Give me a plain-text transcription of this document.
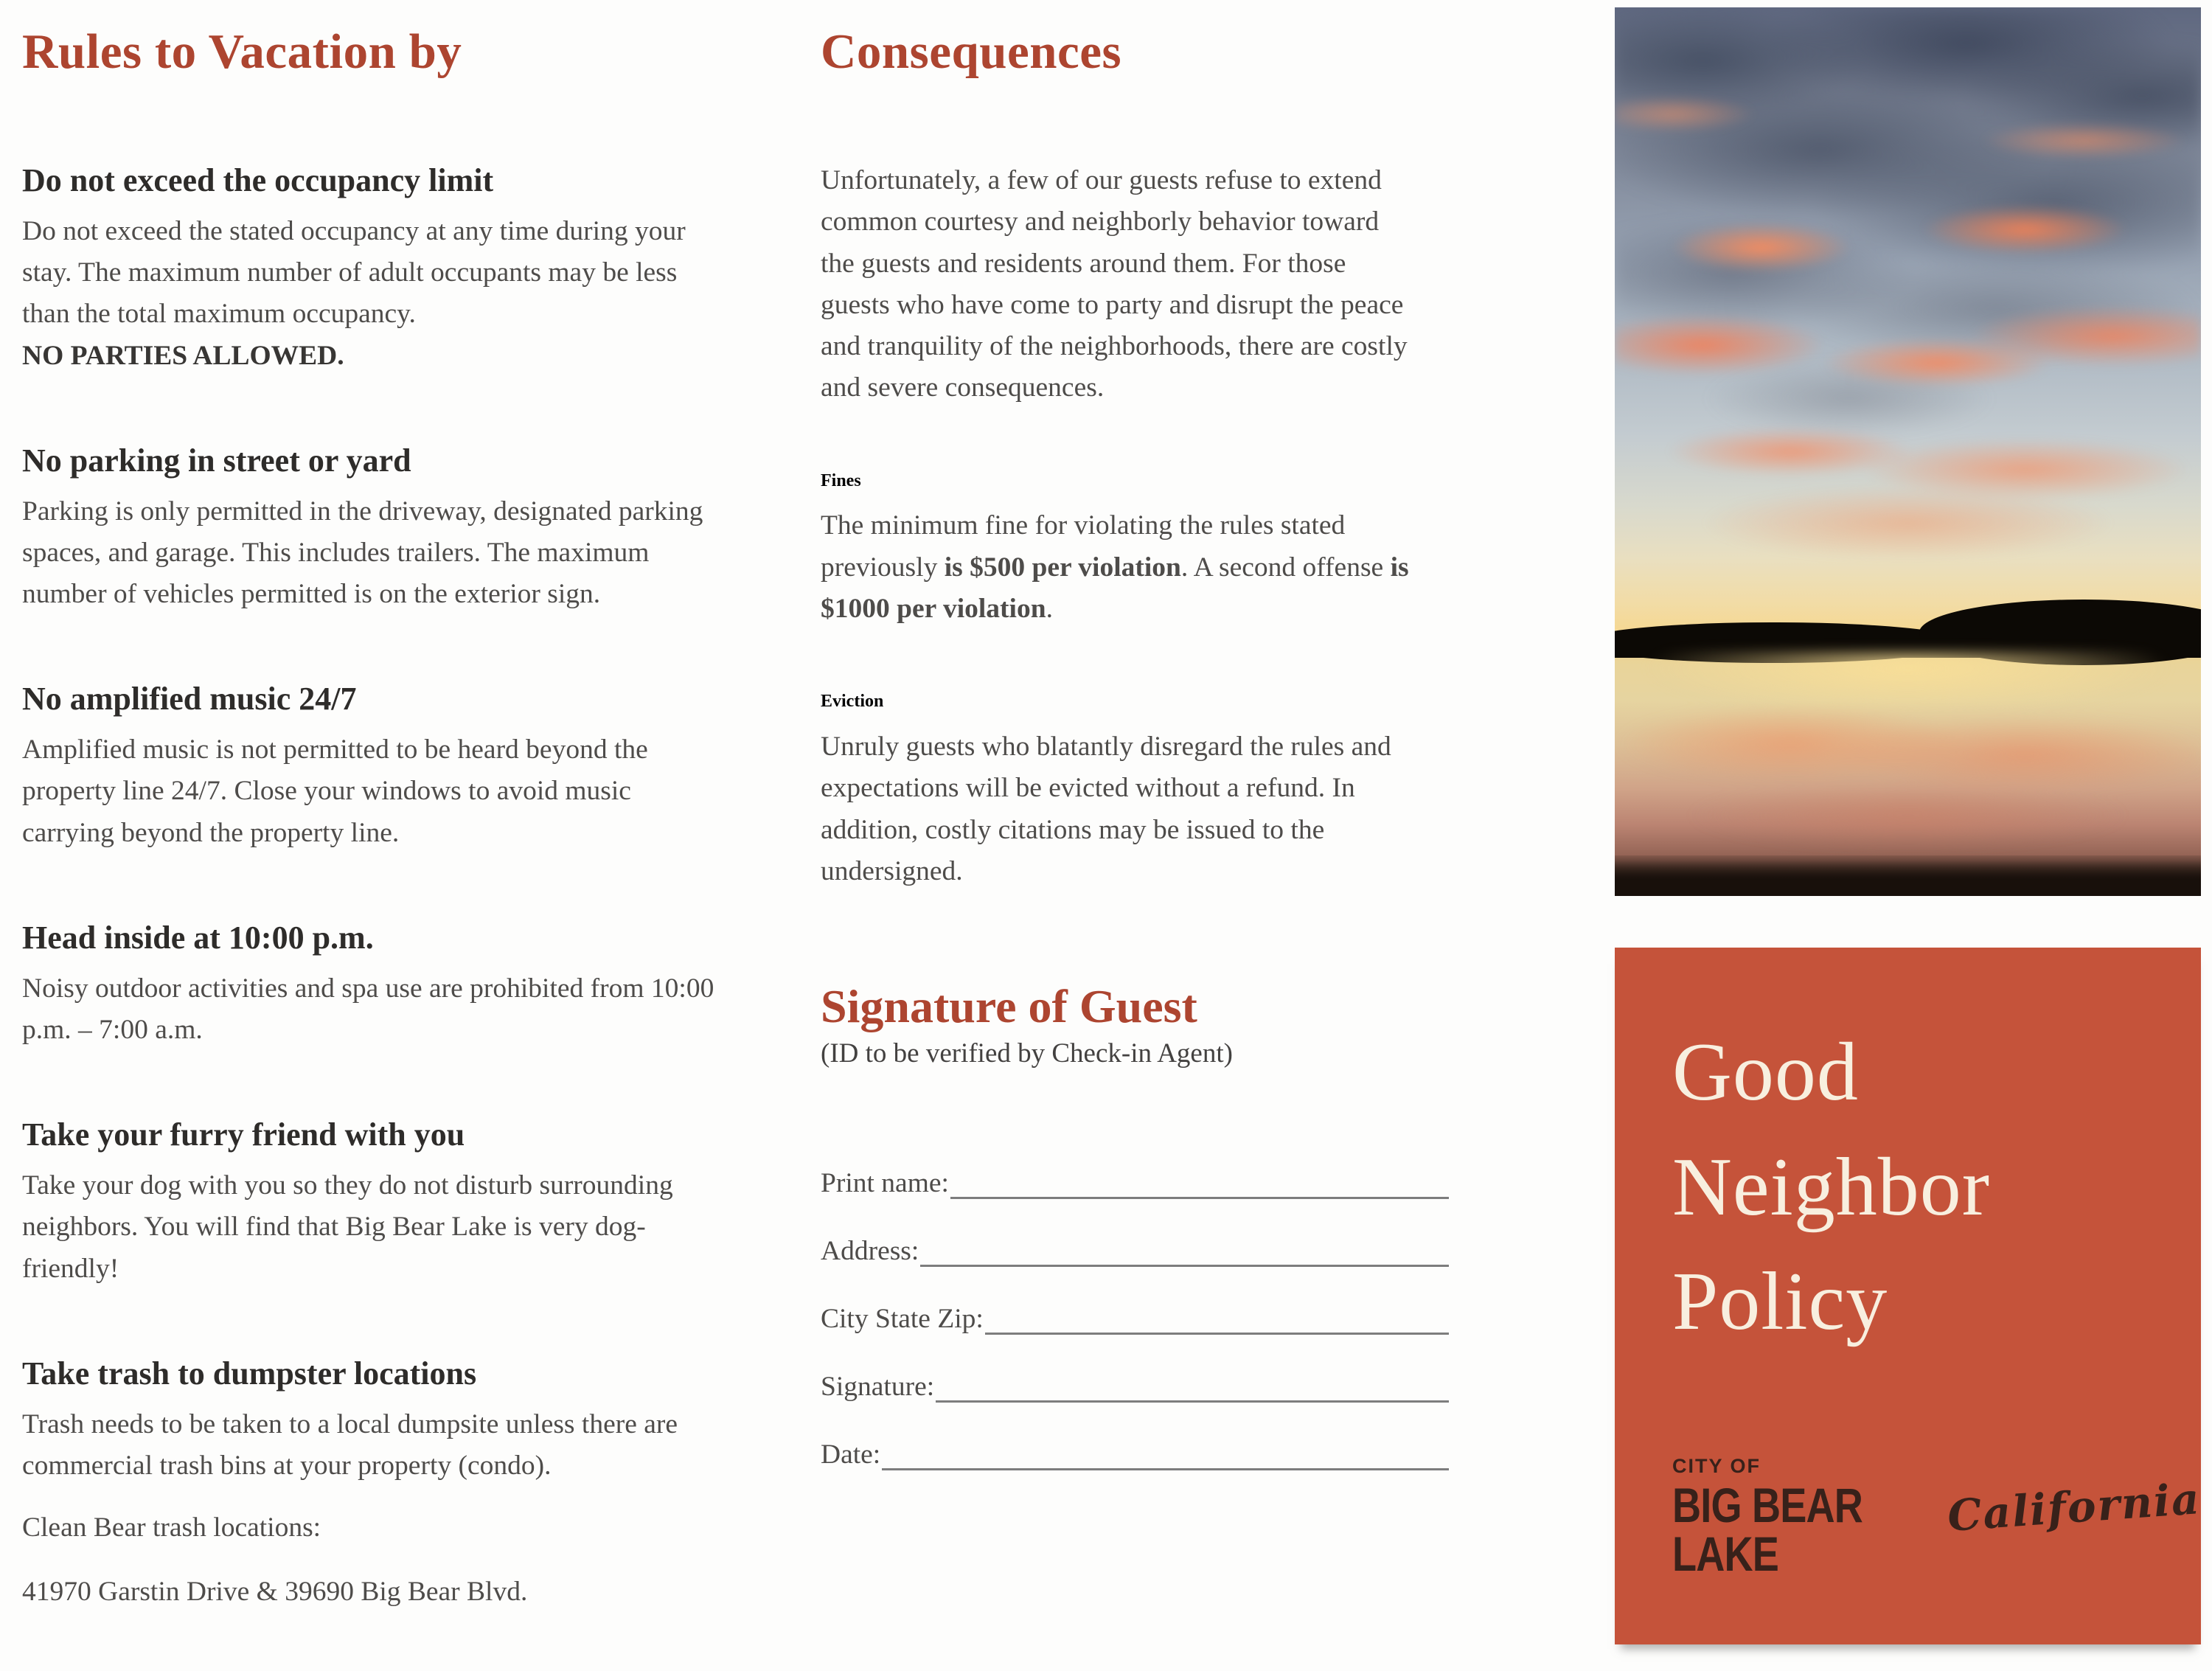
Rules to Vacation by
Do not exceed the occupancy limit

Do not exceed the stated occupancy at any time during your stay. The maximum number of adult occupants may be less than the total maximum occupancy.

NO PARTIES ALLOWED.

No parking in street or yard

Parking is only permitted in the driveway, designated parking spaces, and garage. This includes trailers. The maximum number of vehicles permitted is on the exterior sign.

No amplified music 24/7

Amplified music is not permitted to be heard beyond the property line 24/7. Close your windows to avoid music carrying beyond the property line.

Head inside at 10:00 p.m.

Noisy outdoor activities and spa use are prohibited from 10:00 p.m. – 7:00 a.m.

Take your furry friend with you

Take your dog with you so they do not disturb surrounding neighbors. You will find that Big Bear Lake is very dog-friendly!

Take trash to dumpster locations

Trash needs to be taken to a local dumpsite unless there are commercial trash bins at your property (condo).

Clean Bear trash locations:

41970 Garstin Drive & 39690 Big Bear Blvd.

Consequences

Unfortunately, a few of our guests refuse to extend common courtesy and neighborly behavior toward the guests and residents around them. For those guests who have come to party and disrupt the peace and tranquility of the neighborhoods, there are costly and severe consequences.

Fines

The minimum fine for violating the rules stated previously is $500 per violation. A second offense is $1000 per violation.

Eviction

Unruly guests who blatantly disregard the rules and expectations will be evicted without a refund. In addition, costly citations may be issued to the undersigned.

Signature of Guest

(ID to be verified by Check-in Agent)

Print name:
Address:
City State Zip:
Signature:
Date:
Good
Neighbor
Policy
CITY OF
BIG BEAR LAKE
California
